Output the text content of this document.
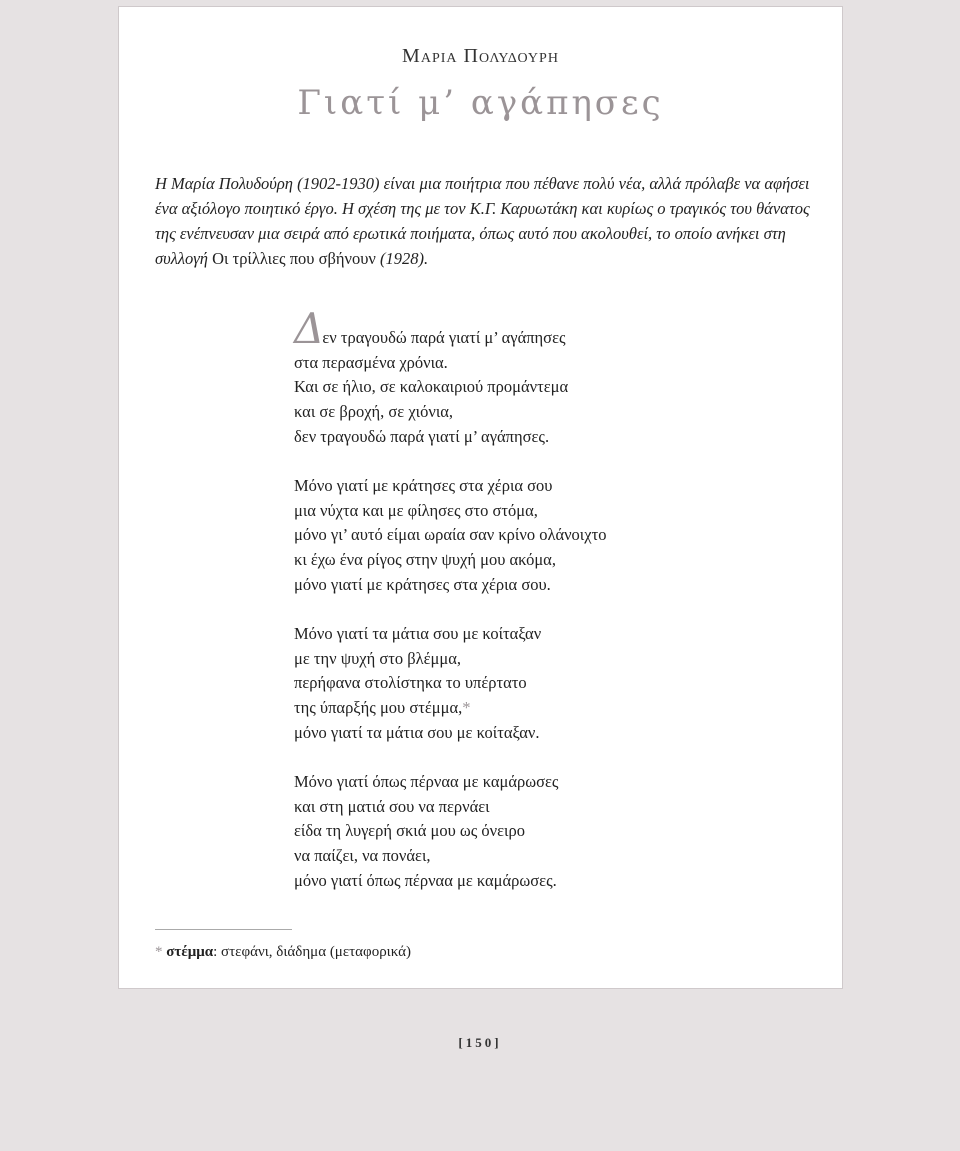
Μαρια Πολυδουρη
Γιατί μ’ αγάπησες
Η Μαρία Πολυδούρη (1902-1930) είναι μια ποιήτρια που πέθανε πολύ νέα, αλλά πρόλαβε να αφήσει ένα αξιόλογο ποιητικό έργο. Η σχέση της με τον Κ.Γ. Καρυωτάκη και κυρίως ο τραγικός του θάνατος της ενέπνευσαν μια σειρά από ερωτικά ποιήματα, όπως αυτό που ακολουθεί, το οποίο ανήκει στη συλλογή Οι τρίλλιες που σβήνουν (1928).
Δεν τραγουδώ παρά γιατί μ’ αγάπησες
στα περασμένα χρόνια.
Και σε ήλιο, σε καλοκαιριού προμάντεμα
και σε βροχή, σε χιόνια,
δεν τραγουδώ παρά γιατί μ’ αγάπησες.
Μόνο γιατί με κράτησες στα χέρια σου
μια νύχτα και με φίλησες στο στόμα,
μόνο γι’ αυτό είμαι ωραία σαν κρίνο ολάνοιχτο
κι έχω ένα ρίγος στην ψυχή μου ακόμα,
μόνο γιατί με κράτησες στα χέρια σου.
Μόνο γιατί τα μάτια σου με κοίταξαν
με την ψυχή στο βλέμμα,
περήφανα στολίστηκα το υπέρτατο
της ύπαρξής μου στέμμα,*
μόνο γιατί τα μάτια σου με κοίταξαν.
Μόνο γιατί όπως πέρναα με καμάρωσες
και στη ματιά σου να περνάει
είδα τη λυγερή σκιά μου ως όνειρο
να παίζει, να πονάει,
μόνο γιατί όπως πέρναα με καμάρωσες.
* στέμμα: στεφάνι, διάδημα (μεταφορικά)
[150]
